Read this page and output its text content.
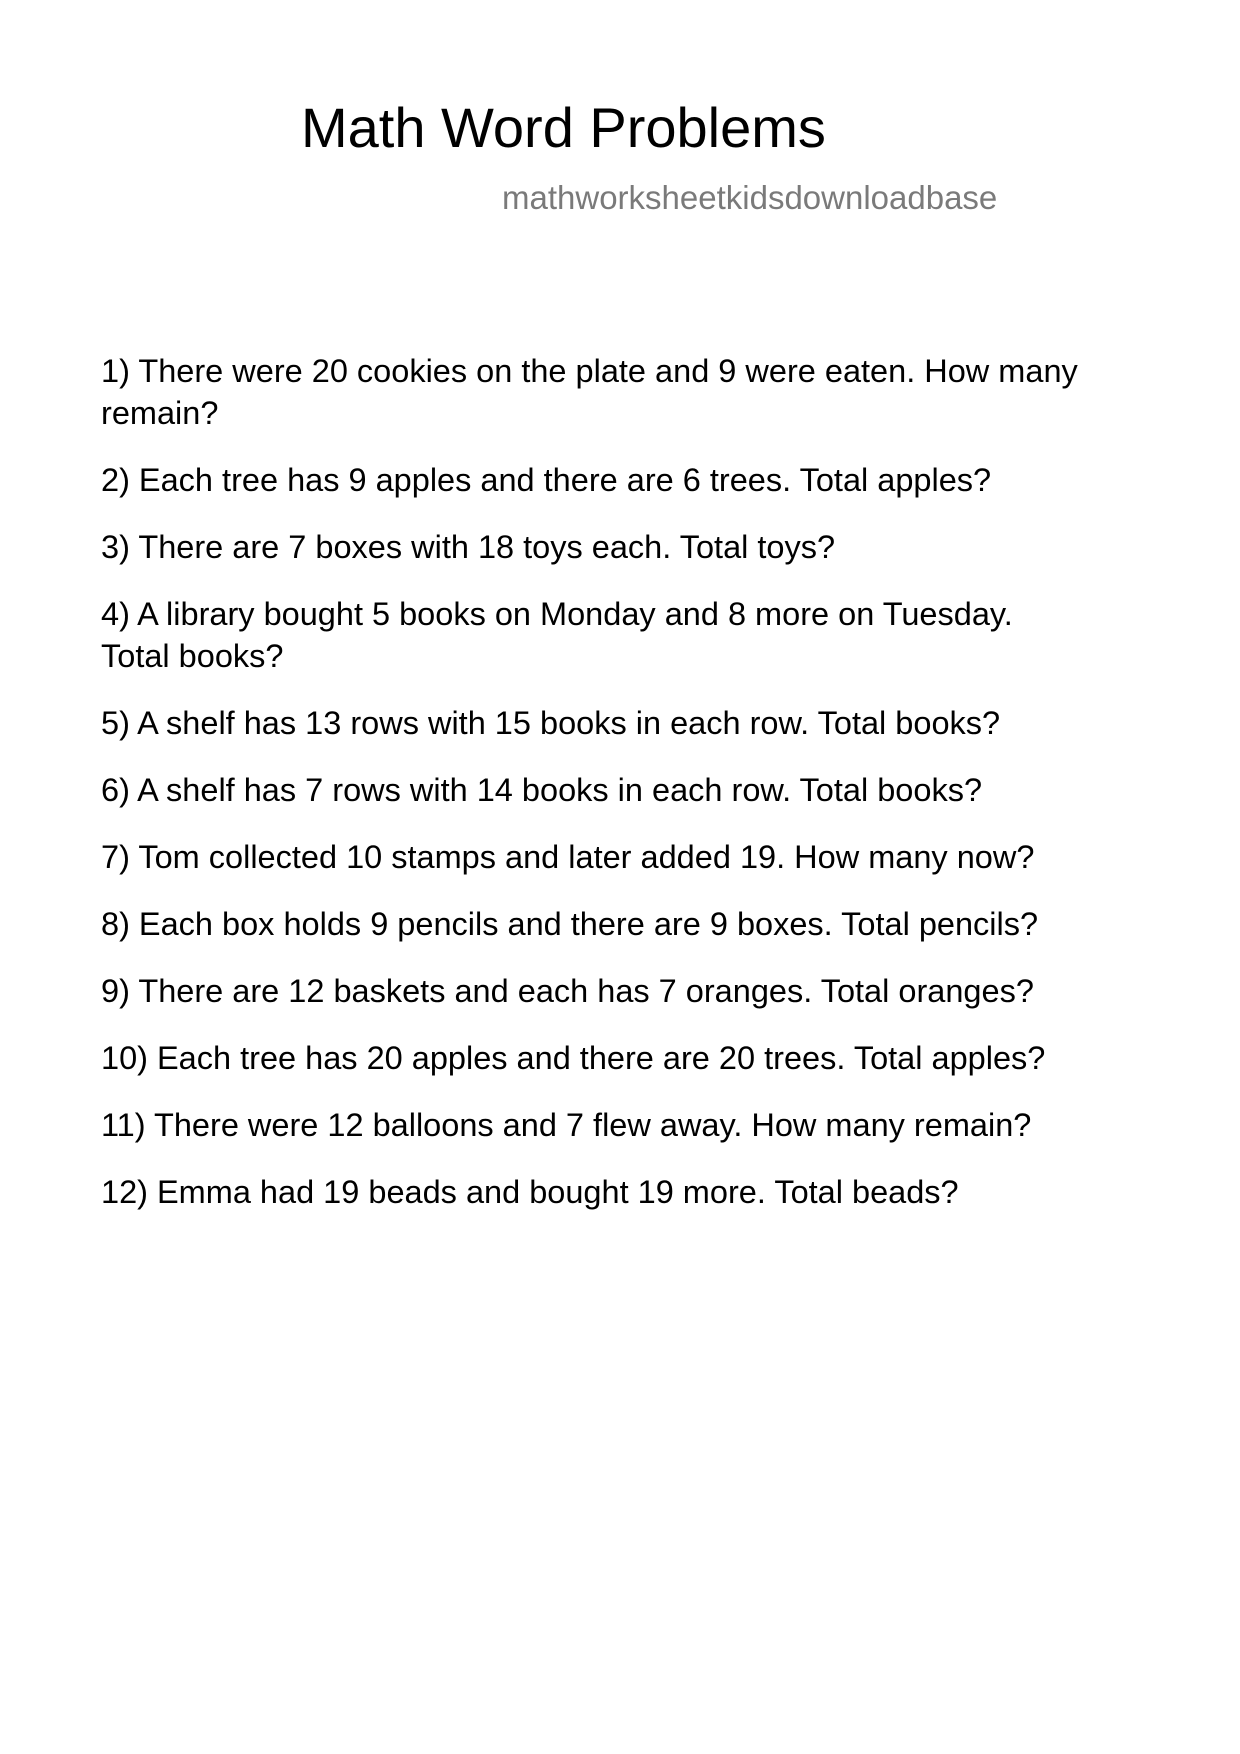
Math Word Problems
mathworksheetkidsdownloadbase
1) There were 20 cookies on the plate and 9 were eaten. How many remain?
2) Each tree has 9 apples and there are 6 trees. Total apples?
3) There are 7 boxes with 18 toys each. Total toys?
4) A library bought 5 books on Monday and 8 more on Tuesday. Total books?
5) A shelf has 13 rows with 15 books in each row. Total books?
6) A shelf has 7 rows with 14 books in each row. Total books?
7) Tom collected 10 stamps and later added 19. How many now?
8) Each box holds 9 pencils and there are 9 boxes. Total pencils?
9) There are 12 baskets and each has 7 oranges. Total oranges?
10) Each tree has 20 apples and there are 20 trees. Total apples?
11) There were 12 balloons and 7 flew away. How many remain?
12) Emma had 19 beads and bought 19 more. Total beads?
